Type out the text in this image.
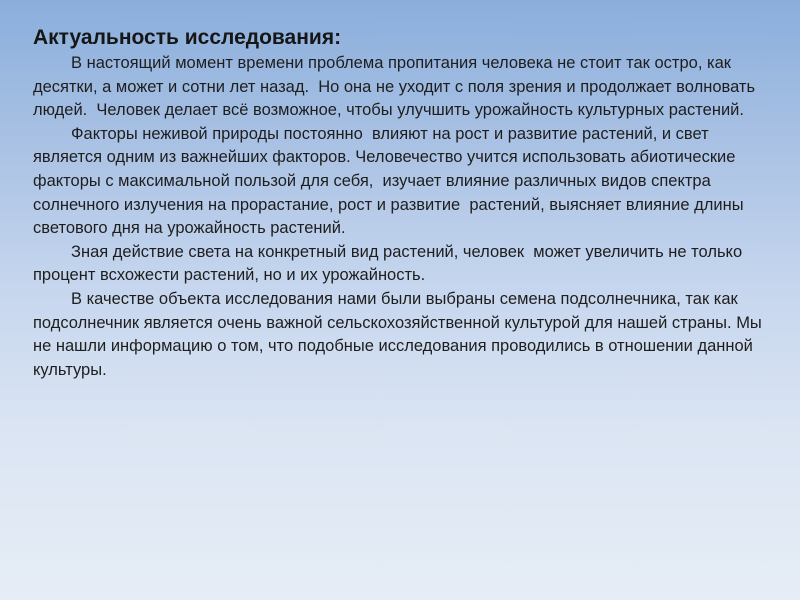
Актуальность исследования:

В настоящий момент времени проблема пропитания человека не стоит так остро, как десятки, а может и сотни лет назад.  Но она не уходит с поля зрения и продолжает волновать  людей.  Человек делает всё возможное, чтобы улучшить урожайность культурных растений.

Факторы неживой природы постоянно  влияют на рост и развитие растений, и свет является одним из важнейших факторов. Человечество учится использовать абиотические факторы с максимальной пользой для себя,  изучает влияние различных видов спектра  солнечного излучения на прорастание, рост и развитие  растений, выясняет влияние длины светового дня на урожайность растений.

Зная действие света на конкретный вид растений, человек  может увеличить не только процент всхожести растений, но и их урожайность.

В качестве объекта исследования нами были выбраны семена подсолнечника, так как подсолнечник является очень важной сельскохозяйственной культурой для нашей страны. Мы не нашли информацию о том, что подобные исследования проводились в отношении данной культуры.
